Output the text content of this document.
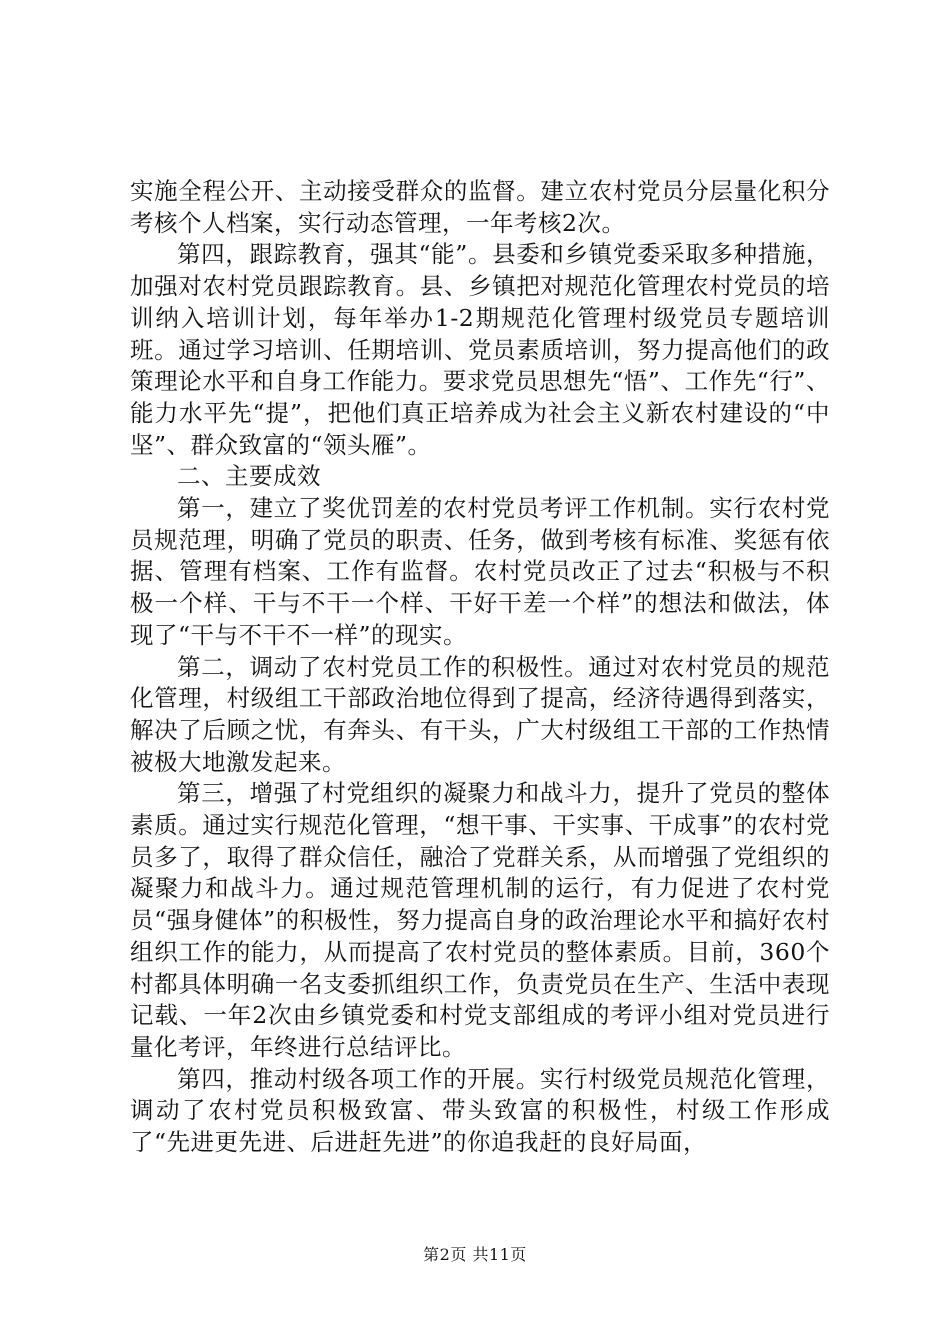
实施全程公开、主动接受群众的监督。建立农村党员分层量化积分考核个人档案，实行动态管理，一年考核2次。

第四，跟踪教育，强其“能”。县委和乡镇党委采取多种措施，加强对农村党员跟踪教育。县、乡镇把对规范化管理农村党员的培训纳入培训计划，每年举办1-2期规范化管理村级党员专题培训班。通过学习培训、任期培训、党员素质培训，努力提高他们的政策理论水平和自身工作能力。要求党员思想先“悟”、工作先“行”、能力水平先“提”，把他们真正培养成为社会主义新农村建设的“中坚”、群众致富的“领头雁”。

二、主要成效

第一，建立了奖优罚差的农村党员考评工作机制。实行农村党员规范理，明确了党员的职责、任务，做到考核有标准、奖惩有依据、管理有档案、工作有监督。农村党员改正了过去“积极与不积极一个样、干与不干一个样、干好干差一个样”的想法和做法，体现了“干与不干不一样”的现实。

第二，调动了农村党员工作的积极性。通过对农村党员的规范化管理，村级组工干部政治地位得到了提高，经济待遇得到落实，解决了后顾之忧，有奔头、有干头，广大村级组工干部的工作热情被极大地激发起来。

第三，增强了村党组织的凝聚力和战斗力，提升了党员的整体素质。通过实行规范化管理，“想干事、干实事、干成事”的农村党员多了，取得了群众信任，融洽了党群关系，从而增强了党组织的凝聚力和战斗力。通过规范管理机制的运行，有力促进了农村党员“强身健体”的积极性，努力提高自身的政治理论水平和搞好农村组织工作的能力，从而提高了农村党员的整体素质。目前，360个村都具体明确一名支委抓组织工作，负责党员在生产、生活中表现记载、一年2次由乡镇党委和村党支部组成的考评小组对党员进行量化考评，年终进行总结评比。

第四，推动村级各项工作的开展。实行村级党员规范化管理，调动了农村党员积极致富、带头致富的积极性，村级工作形成了“先进更先进、后进赶先进”的你追我赶的良好局面，

第2页 共11页
